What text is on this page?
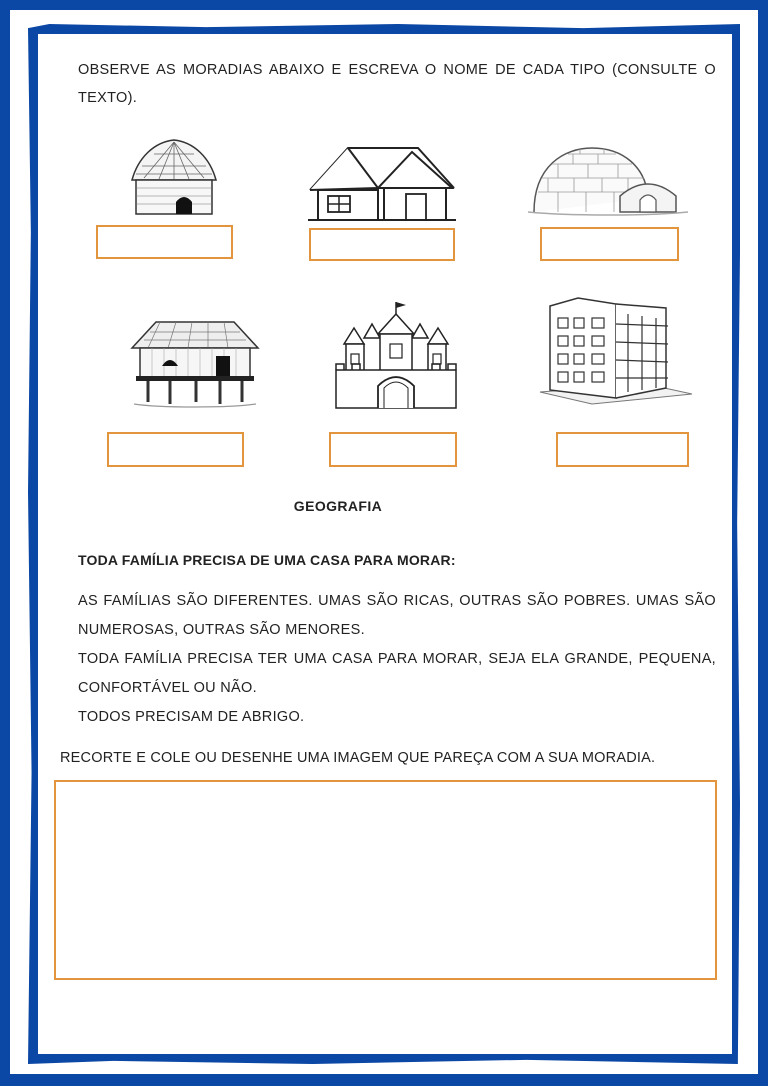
OBSERVE AS MORADIAS ABAIXO E ESCREVA O NOME DE CADA TIPO (CONSULTE O TEXTO).
GEOGRAFIA
TODA FAMÍLIA PRECISA DE UMA CASA PARA MORAR:
AS FAMÍLIAS SÃO DIFERENTES. UMAS SÃO RICAS, OUTRAS SÃO POBRES. UMAS SÃO NUMEROSAS, OUTRAS SÃO MENORES.
TODA FAMÍLIA PRECISA TER UMA CASA PARA MORAR, SEJA ELA GRANDE, PEQUENA, CONFORTÁVEL OU NÃO.
TODOS PRECISAM DE ABRIGO.
RECORTE E COLE OU DESENHE UMA IMAGEM QUE PAREÇA COM A SUA MORADIA.
